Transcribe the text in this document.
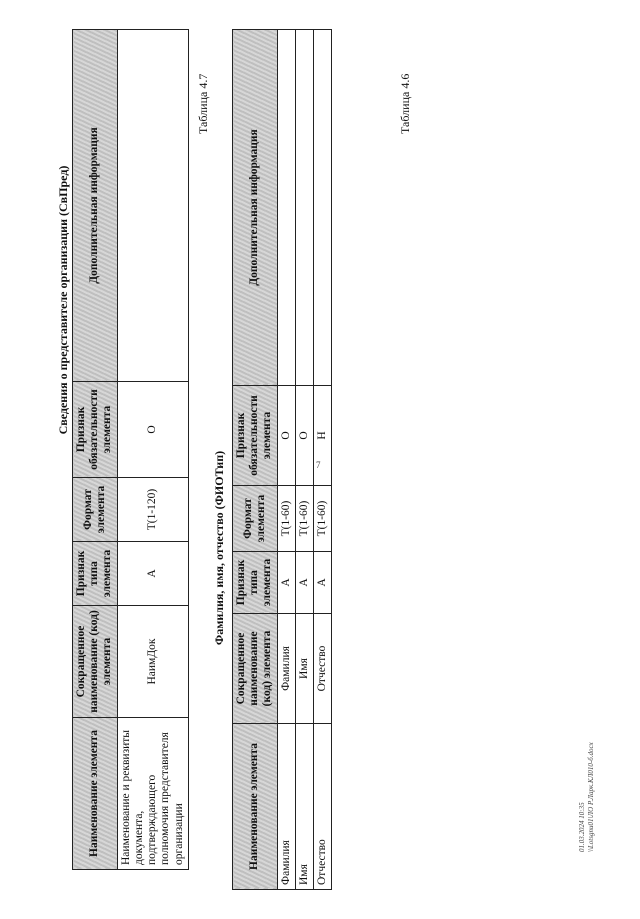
7
Таблица 4.6
Сведения о представителе организации (СвПред)
Наименование элемента	Сокращенное наименование (код) элемента	Признак типа элемента	Формат элемента	Признак обязательности элемента	Дополнительная информация
Наименование и реквизиты документа, подтверждающего полномочия представителя организации	НаимДок	А	Т(1-120)	О	
Таблица 4.7
Фамилия, имя, отчество (ФИОТип)
Наименование элемента	Сокращенное наименование (код) элемента	Признак типа элемента	Формат элемента	Признак обязательности элемента	Дополнительная информация
Фамилия	Фамилия	А	Т(1-60)	О	
Имя	Имя	А	Т(1-60)	О	
Отчество	Отчество	А	Т(1-60)	Н	
01.03.2024 10:35 \\Lotsgnu01\ЛО Р.Ларк.КЛ010-б.docx
